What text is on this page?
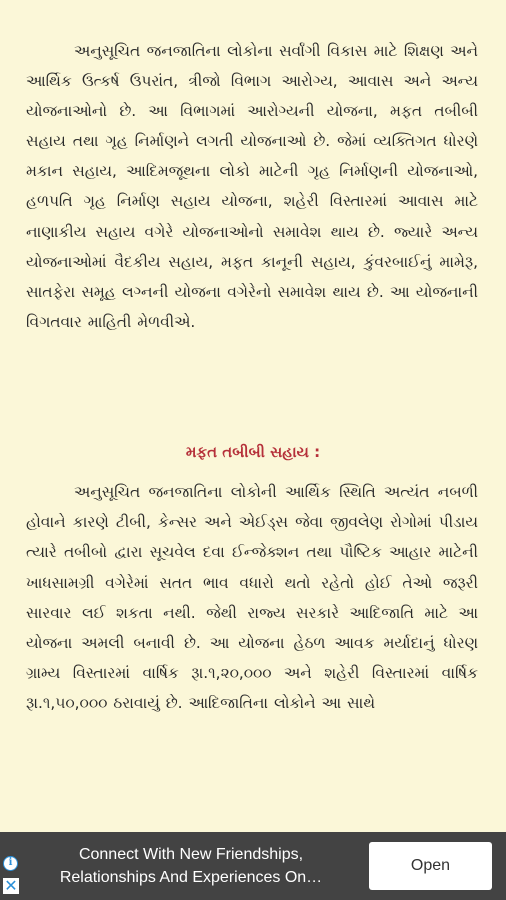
અનુસૂચિત જનજાતિના લોકોના સર્વાંગી વિકાસ માટે શિક્ષણ અને આર્થિક ઉત્કર્ષ ઉપરાંત, ત્રીજો વિભાગ આરોગ્ય, આવાસ અને અન્ય યોજનાઓનો છે. આ વિભાગમાં આરોગ્યની યોજના, મફત તબીબી સહાય તથા ગૃહ નિર્માણને લગતી યોજનાઓ છે. જેમાં વ્યક્તિગત ધોરણે મકાન સહાય, આદિમજૂથના લોકો માટેની ગૃહ નિર્માણની યોજનાઓ, હળપતિ ગૃહ નિર્માણ સહાય યોજના, શહેરી વિસ્તારમાં આવાસ માટે નાણાકીય સહાય વગેરે યોજનાઓનો સમાવેશ થાય છે. જ્યારે અન્ય યોજનાઓમાં વૈદકીય સહાય, મફત કાનૂની સહાય, કુંવરબાઈનું મામેરૂ, સાતફેરા સમૂહ લગ્નની યોજના વગેરેનો સમાવેશ થાય છે. આ યોજનાની વિગતવાર માહિતી મેળવીએ.
મફત તબીબી સહાય :
અનુસૂચિત જનજાતિના લોકોની આર્થિક સ્થિતિ અત્યંત નબળી હોવાને કારણે ટીબી, કેન્સર અને એઈડ્સ જેવા જીવલેણ રોગોમાં પીડાય ત્યારે તબીબો દ્વારા સૂચવેલ દવા ઈન્જેક્શન તથા પૌષ્ટિક આહાર માટેની ખાધસામગ્રી વગેરેમાં સતત ભાવ વધારો થતો રહેતો હોઈ તેઓ જરૂરી સારવાર લઈ શકતા નથી. જેથી રાજ્ય સરકારે આદિજાતિ માટે આ યોજના અમલી બનાવી છે. આ યોજના હેઠળ આવક મર્યાદાનું ધોરણ ગ્રામ્ય વિસ્તારમાં વાર્ષિક રૂા.૧,૨૦,૦૦૦ અને શહેરી વિસ્તારમાં વાર્ષિક રૂા.૧,૫૦,૦૦૦ ઠરાવાયું છે. આદિજાતિના લોકોને આ સાથે
i
✕
Connect With New Friendships,
Relationships And Experiences On…
Open
